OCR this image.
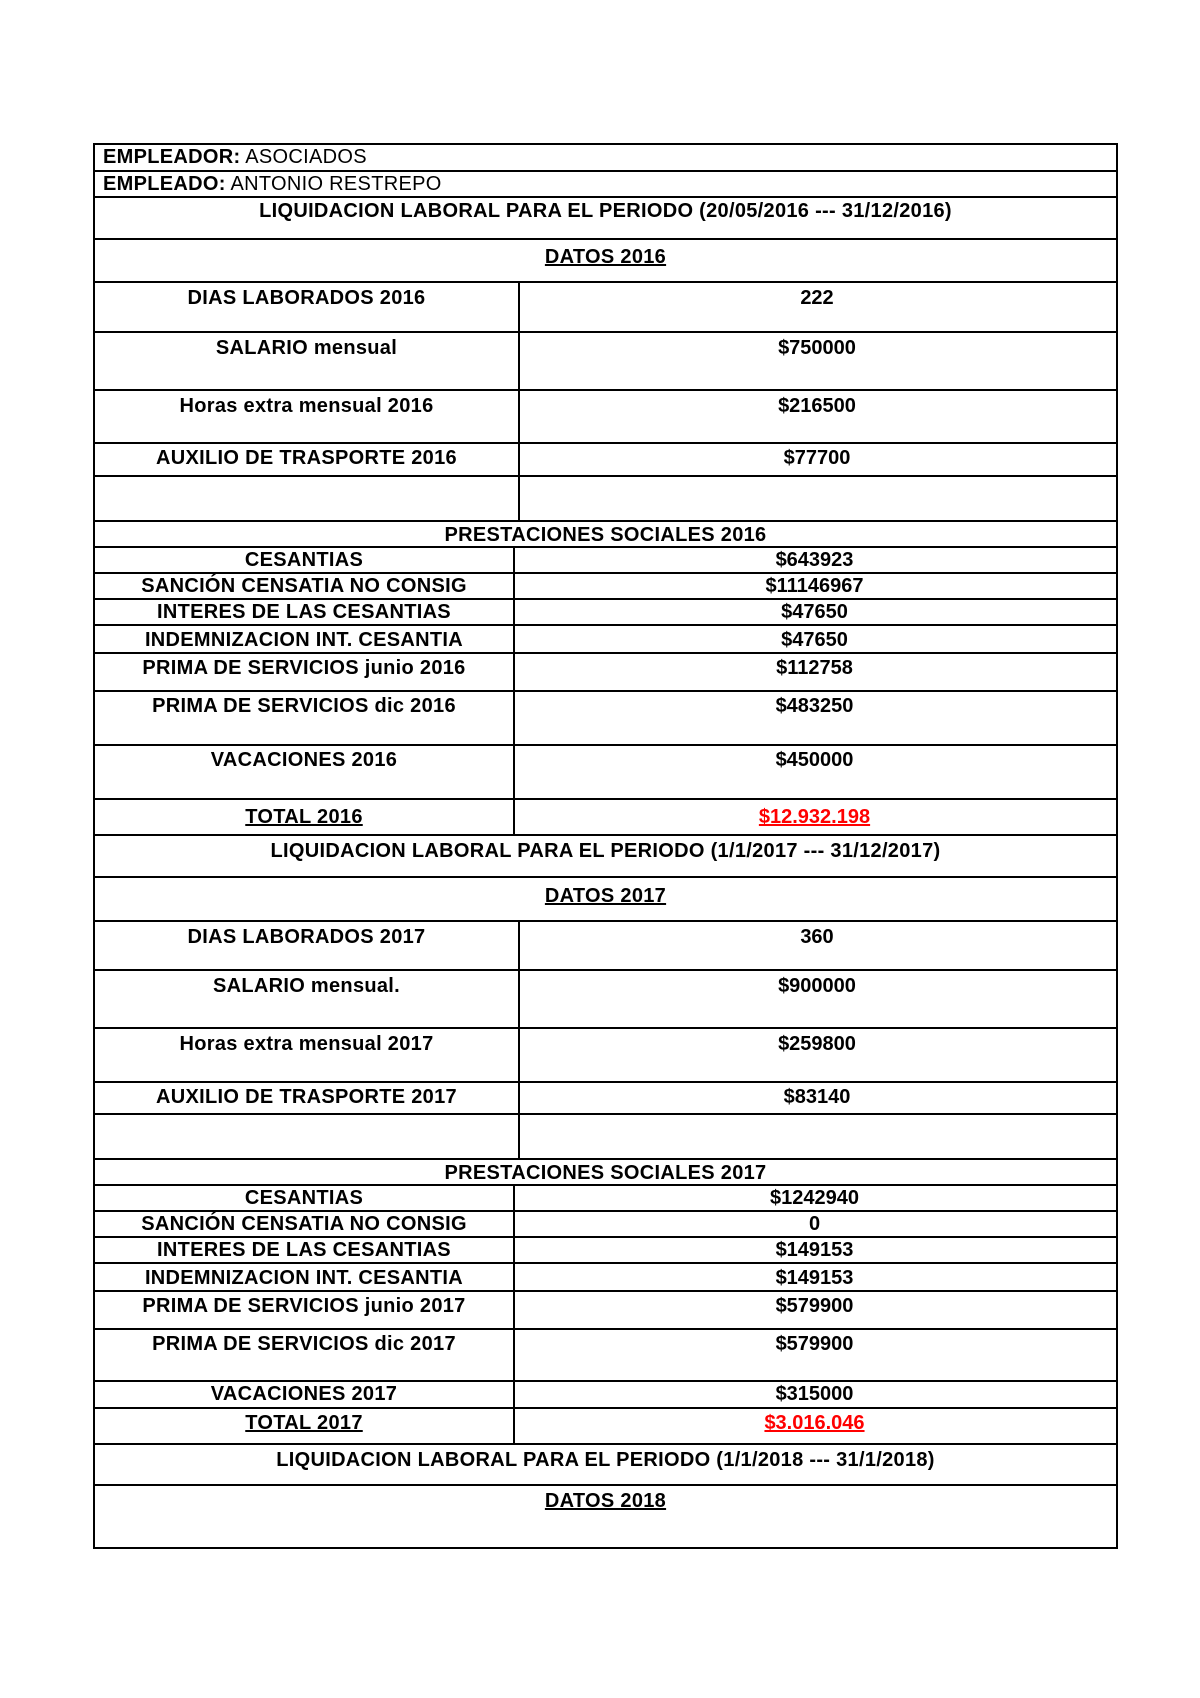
EMPLEADOR: ASOCIADOS
EMPLEADO: ANTONIO RESTREPO
LIQUIDACION LABORAL PARA EL PERIODO (20/05/2016 --- 31/12/2016)
DATOS 2016
DIAS LABORADOS 2016	222
SALARIO mensual	$750000
Horas extra mensual 2016	$216500
AUXILIO DE TRASPORTE 2016	$77700
PRESTACIONES SOCIALES 2016
CESANTIAS	$643923
SANCIÓN CENSATIA NO CONSIG	$11146967
INTERES DE LAS CESANTIAS	$47650
INDEMNIZACION INT. CESANTIA	$47650
PRIMA DE SERVICIOS junio 2016	$112758
PRIMA DE SERVICIOS dic 2016	$483250
VACACIONES 2016	$450000
TOTAL 2016	$12.932.198
LIQUIDACION LABORAL PARA EL PERIODO (1/1/2017 --- 31/12/2017)
DATOS 2017
DIAS LABORADOS 2017	360
SALARIO mensual.	$900000
Horas extra mensual 2017	$259800
AUXILIO DE TRASPORTE 2017	$83140
PRESTACIONES SOCIALES 2017
CESANTIAS	$1242940
SANCIÓN CENSATIA NO CONSIG	0
INTERES DE LAS CESANTIAS	$149153
INDEMNIZACION INT. CESANTIA	$149153
PRIMA DE SERVICIOS junio 2017	$579900
PRIMA DE SERVICIOS dic 2017	$579900
VACACIONES 2017	$315000
TOTAL 2017	$3.016.046
LIQUIDACION LABORAL PARA EL PERIODO (1/1/2018 --- 31/1/2018)
DATOS 2018
